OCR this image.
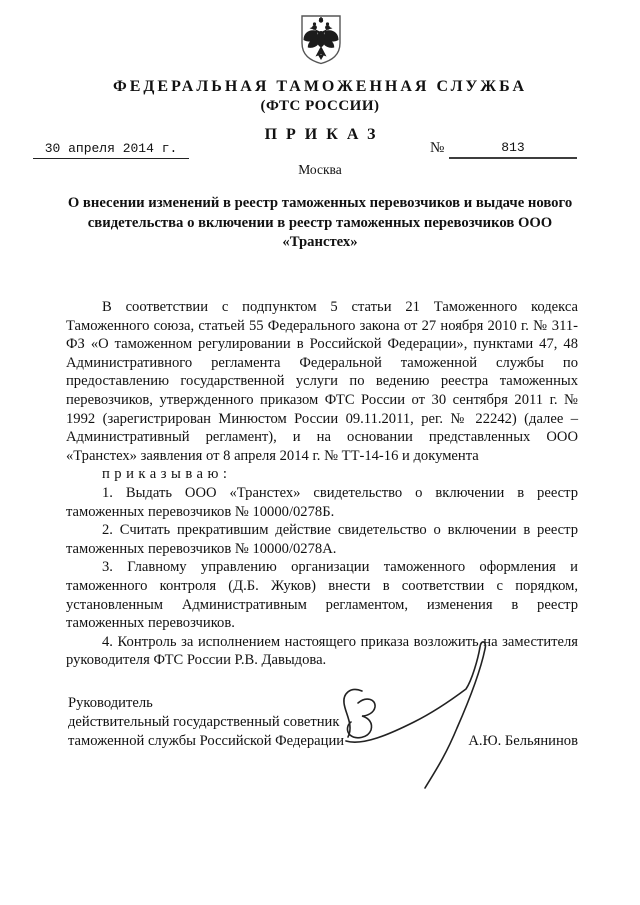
ФЕДЕРАЛЬНАЯ ТАМОЖЕННАЯ СЛУЖБА
(ФТС РОССИИ)
ПРИКАЗ
30 апреля 2014 г.	№	813
Москва
О внесении изменений в реестр таможенных перевозчиков и выдаче нового свидетельства о включении в реестр таможенных перевозчиков ООО «Транстех»

В соответствии с подпунктом 5 статьи 21 Таможенного кодекса Таможенного союза, статьей 55 Федерального закона от 27 ноября 2010 г. № 311-ФЗ «О таможенном регулировании в Российской Федерации», пунктами 47, 48 Административного регламента Федеральной таможенной службы по предоставлению государственной услуги по ведению реестра таможенных перевозчиков, утвержденного приказом ФТС России от 30 сентября 2011 г. № 1992 (зарегистрирован Минюстом России 09.11.2011, рег. № 22242) (далее – Административный регламент), и на основании представленных ООО «Транстех» заявления от 8 апреля 2014 г. № ТТ-14-16 и документа

приказываю:

1. Выдать ООО «Транстех» свидетельство о включении в реестр таможенных перевозчиков № 10000/0278Б.

2. Считать прекратившим действие свидетельство о включении в реестр таможенных перевозчиков № 10000/0278А.

3. Главному управлению организации таможенного оформления и таможенного контроля (Д.Б. Жуков) внести в соответствии с порядком, установленным Административным регламентом, изменения в реестр таможенных перевозчиков.

4. Контроль за исполнением настоящего приказа возложить на заместителя руководителя ФТС России Р.В. Давыдова.

Руководитель
действительный государственный советник
таможенной службы Российской Федерации	А.Ю. Бельянинов
